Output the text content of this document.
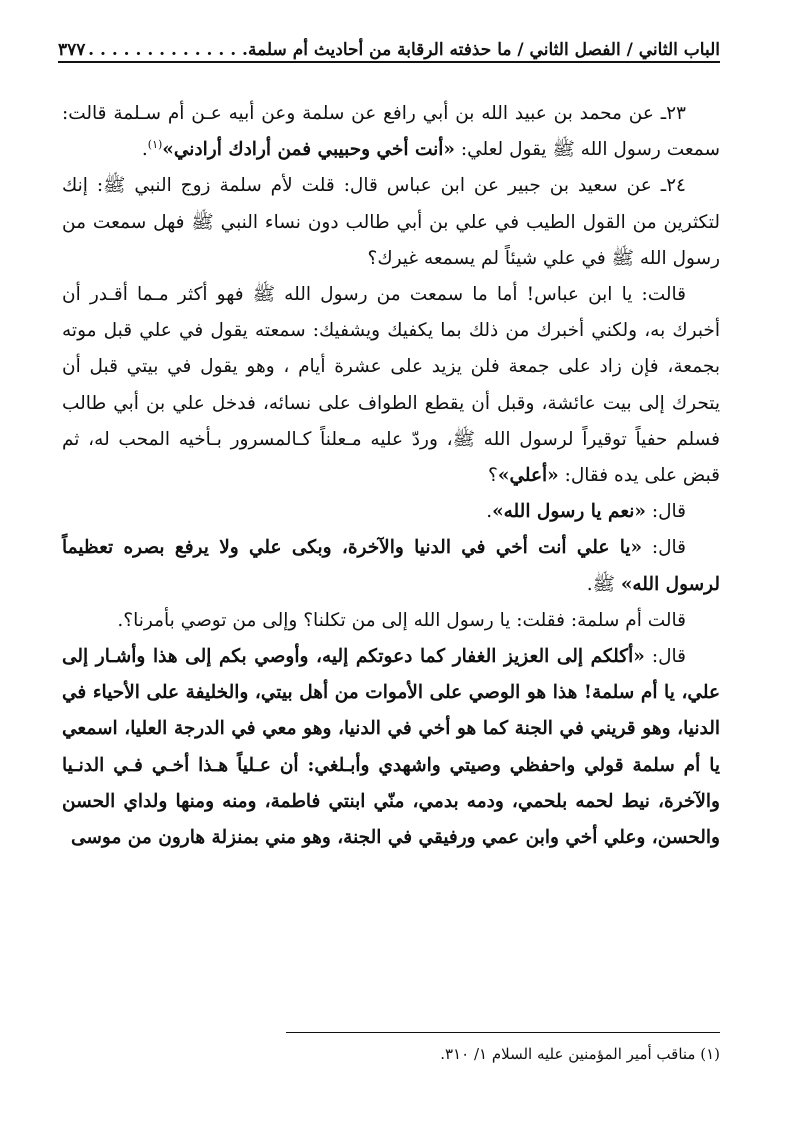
الباب الثاني / الفصل الثاني / ما حذفته الرقابة من أحاديث أم سلمة. . . . . . . . . . . . . .
٣٧٧

٢٣ـ عن محمد بن عبيد الله بن أبي رافع عن سلمة وعن أبيه عـن أم سـلمة قالت: سمعت رسول الله ﷺ يقول لعلي: «أنت أخي وحبيبي فمن أرادك أرادني»$^{(١)}$.

٢٤ـ عن سعيد بن جبير عن ابن عباس قال: قلت لأم سلمة زوج النبي ﷺ: إنك لتكثرين من القول الطيب في علي بن أبي طالب دون نساء النبي ﷺ فهل سمعت من رسول الله ﷺ في علي شيئاً لم يسمعه غيرك؟

قالت: يا ابن عباس! أما ما سمعت من رسول الله ﷺ فهو أكثر مـما أقـدر أن أخبرك به، ولكني أخبرك من ذلك بما يكفيك ويشفيك: سمعته يقول في علي قبل موته بجمعة، فإن زاد على جمعة فلن يزيد على عشرة أيام ، وهو يقول في بيتي قبل أن يتحرك إلى بيت عائشة، وقبل أن يقطع الطواف على نسائه، فدخل علي بن أبي طالب فسلم حفياً توقيراً لرسول الله ﷺ، وردّ عليه مـعلناً كـالمسرور بـأخيه المحب له، ثم قبض على يده فقال: «أعلي»؟

قال: «نعم يا رسول الله».

قال: «يا علي أنت أخي في الدنيا والآخرة، وبكى علي ولا يرفع بصره تعظيماً لرسول الله» ﷺ.

قالت أم سلمة: فقلت: يا رسول الله إلى من تكلنا؟ وإلى من توصي بأمرنا؟.

قال: «أكلكم إلى العزيز الغفار كما دعوتكم إليه، وأوصي بكم إلى هذا وأشـار إلى علي، يا أم سلمة! هذا هو الوصي على الأموات من أهل بيتي، والخليفة على الأحياء في الدنيا، وهو قريني في الجنة كما هو أخي في الدنيا، وهو معي في الدرجة العليا، اسمعي يا أم سلمة قولي واحفظي وصيتي واشهدي وأبـلغي: أن عـلياً هـذا أخـي فـي الدنـيا والآخرة، نيط لحمه بلحمي، ودمه بدمي، منّي ابنتي فاطمة، ومنه ومنها ولداي الحسن والحسن، وعلي أخي وابن عمي ورفيقي في الجنة، وهو مني بمنزلة هارون من موسى

(١) مناقب أمير المؤمنين عليه السلام ١/ ٣١٠.
